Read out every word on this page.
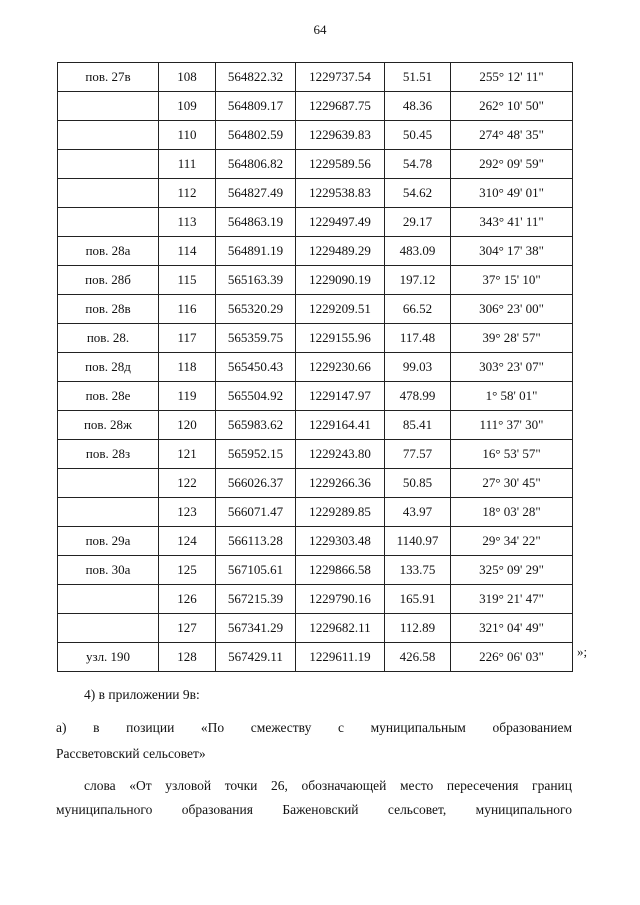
64
пов. 27в	108	564822.32	1229737.54	51.51	255° 12' 11"
	109	564809.17	1229687.75	48.36	262° 10' 50"
	110	564802.59	1229639.83	50.45	274° 48' 35"
	111	564806.82	1229589.56	54.78	292° 09' 59"
	112	564827.49	1229538.83	54.62	310° 49' 01"
	113	564863.19	1229497.49	29.17	343° 41' 11"
пов. 28а	114	564891.19	1229489.29	483.09	304° 17' 38"
пов. 28б	115	565163.39	1229090.19	197.12	37° 15' 10"
пов. 28в	116	565320.29	1229209.51	66.52	306° 23' 00"
пов. 28.	117	565359.75	1229155.96	117.48	39° 28' 57"
пов. 28д	118	565450.43	1229230.66	99.03	303° 23' 07"
пов. 28е	119	565504.92	1229147.97	478.99	1° 58' 01"
пов. 28ж	120	565983.62	1229164.41	85.41	111° 37' 30"
пов. 28з	121	565952.15	1229243.80	77.57	16° 53' 57"
	122	566026.37	1229266.36	50.85	27° 30' 45"
	123	566071.47	1229289.85	43.97	18° 03' 28"
пов. 29а	124	566113.28	1229303.48	1140.97	29° 34' 22"
пов. 30а	125	567105.61	1229866.58	133.75	325° 09' 29"
	126	567215.39	1229790.16	165.91	319° 21' 47"
	127	567341.29	1229682.11	112.89	321° 04' 49"
узл. 190	128	567429.11	1229611.19	426.58	226° 06' 03"	»;
4) в приложении 9в:
а) в позиции «По смежеству с муниципальным образованием
Рассветовский сельсовет»
слова «От узловой точки 26, обозначающей место пересечения границ
муниципального образования Баженовский сельсовет, муниципального
